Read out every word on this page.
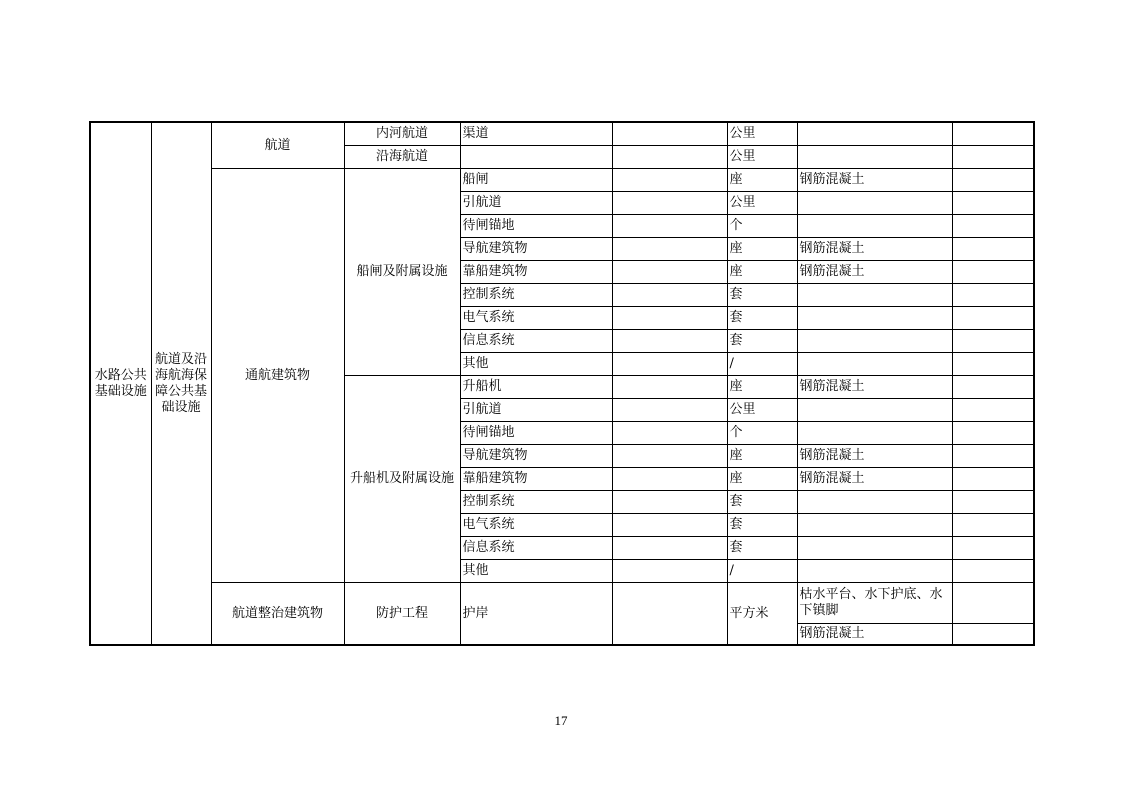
水路公共基础设施	航道及沿海航海保障公共基础设施	航道	内河航道	渠道		公里		
			沿海航道			公里		
		通航建筑物	船闸及附属设施	船闸		座	钢筋混凝土	
				引航道		公里		
				待闸锚地		个		
				导航建筑物		座	钢筋混凝土	
				靠船建筑物		座	钢筋混凝土	
				控制系统		套		
				电气系统		套		
				信息系统		套		
				其他		/		
			升船机及附属设施	升船机		座	钢筋混凝土	
				引航道		公里		
				待闸锚地		个		
				导航建筑物		座	钢筋混凝土	
				靠船建筑物		座	钢筋混凝土	
				控制系统		套		
				电气系统		套		
				信息系统		套		
				其他		/		
		航道整治建筑物	防护工程	护岸		平方米	枯水平台、水下护底、水下镇脚	
							钢筋混凝土	
17
